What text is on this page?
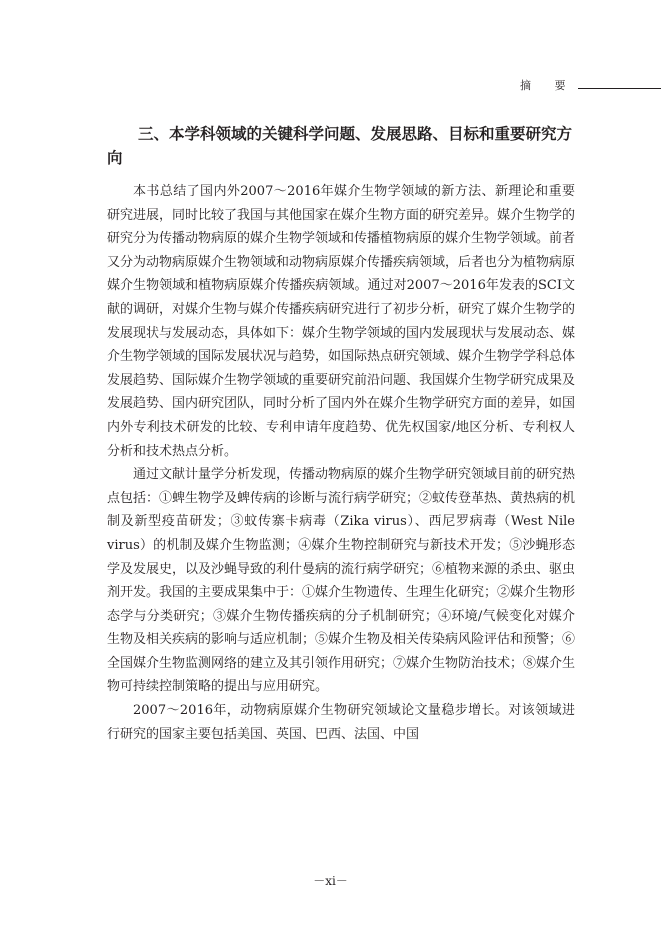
摘 要
三、本学科领域的关键科学问题、发展思路、目标和重要研究方向

本书总结了国内外2007～2016年媒介生物学领域的新方法、新理论和重要研究进展，同时比较了我国与其他国家在媒介生物方面的研究差异。媒介生物学的研究分为传播动物病原的媒介生物学领域和传播植物病原的媒介生物学领域。前者又分为动物病原媒介生物领域和动物病原媒介传播疾病领域，后者也分为植物病原媒介生物领域和植物病原媒介传播疾病领域。通过对2007～2016年发表的SCI文献的调研，对媒介生物与媒介传播疾病研究进行了初步分析，研究了媒介生物学的发展现状与发展动态，具体如下：媒介生物学领域的国内发展现状与发展动态、媒介生物学领域的国际发展状况与趋势，如国际热点研究领域、媒介生物学学科总体发展趋势、国际媒介生物学领域的重要研究前沿问题、我国媒介生物学研究成果及发展趋势、国内研究团队，同时分析了国内外在媒介生物学研究方面的差异，如国内外专利技术研发的比较、专利申请年度趋势、优先权国家/地区分析、专利权人分析和技术热点分析。

通过文献计量学分析发现，传播动物病原的媒介生物学研究领域目前的研究热点包括：①蜱生物学及蜱传病的诊断与流行病学研究；②蚊传登革热、黄热病的机制及新型疫苗研发；③蚊传寨卡病毒（Zika virus）、西尼罗病毒（West Nile virus）的机制及媒介生物监测；④媒介生物控制研究与新技术开发；⑤沙蝇形态学及发展史，以及沙蝇导致的利什曼病的流行病学研究；⑥植物来源的杀虫、驱虫剂开发。我国的主要成果集中于：①媒介生物遗传、生理生化研究；②媒介生物形态学与分类研究；③媒介生物传播疾病的分子机制研究；④环境/气候变化对媒介生物及相关疾病的影响与适应机制；⑤媒介生物及相关传染病风险评估和预警；⑥全国媒介生物监测网络的建立及其引领作用研究；⑦媒介生物防治技术；⑧媒介生物可持续控制策略的提出与应用研究。

2007～2016年，动物病原媒介生物研究领域论文量稳步增长。对该领域进行研究的国家主要包括美国、英国、巴西、法国、中国

－xi－
